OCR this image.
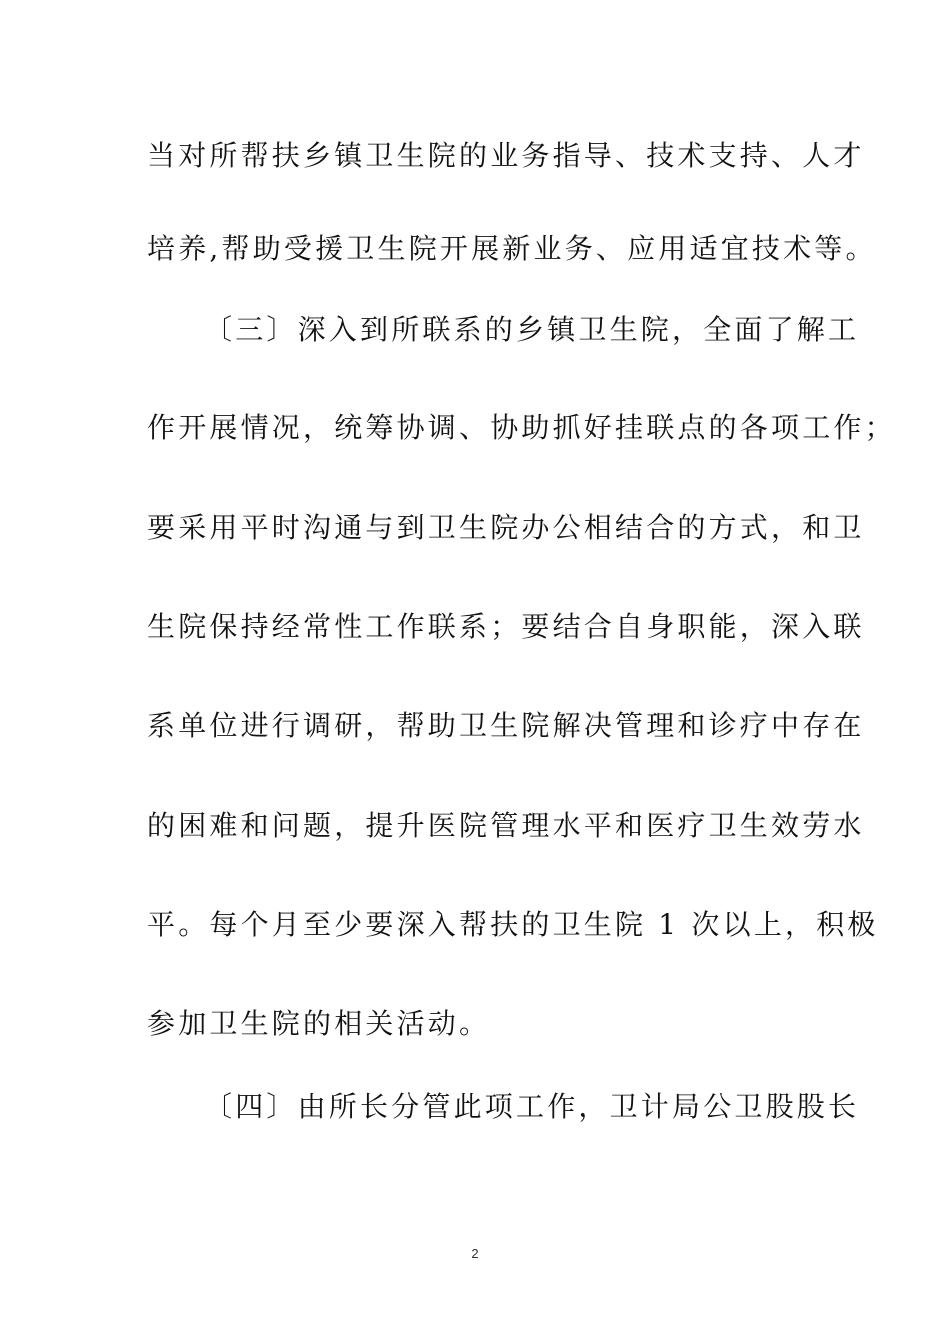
当对所帮扶乡镇卫生院的业务指导、技术支持、人才
培养,帮助受援卫生院开展新业务、应用适宜技术等。
〔三〕深入到所联系的乡镇卫生院，全面了解工
作开展情况，统筹协调、协助抓好挂联点的各项工作；
要采用平时沟通与到卫生院办公相结合的方式，和卫
生院保持经常性工作联系；要结合自身职能，深入联
系单位进行调研，帮助卫生院解决管理和诊疗中存在
的困难和问题，提升医院管理水平和医疗卫生效劳水
平。每个月至少要深入帮扶的卫生院 1 次以上，积极
参加卫生院的相关活动。
〔四〕由所长分管此项工作，卫计局公卫股股长
2
